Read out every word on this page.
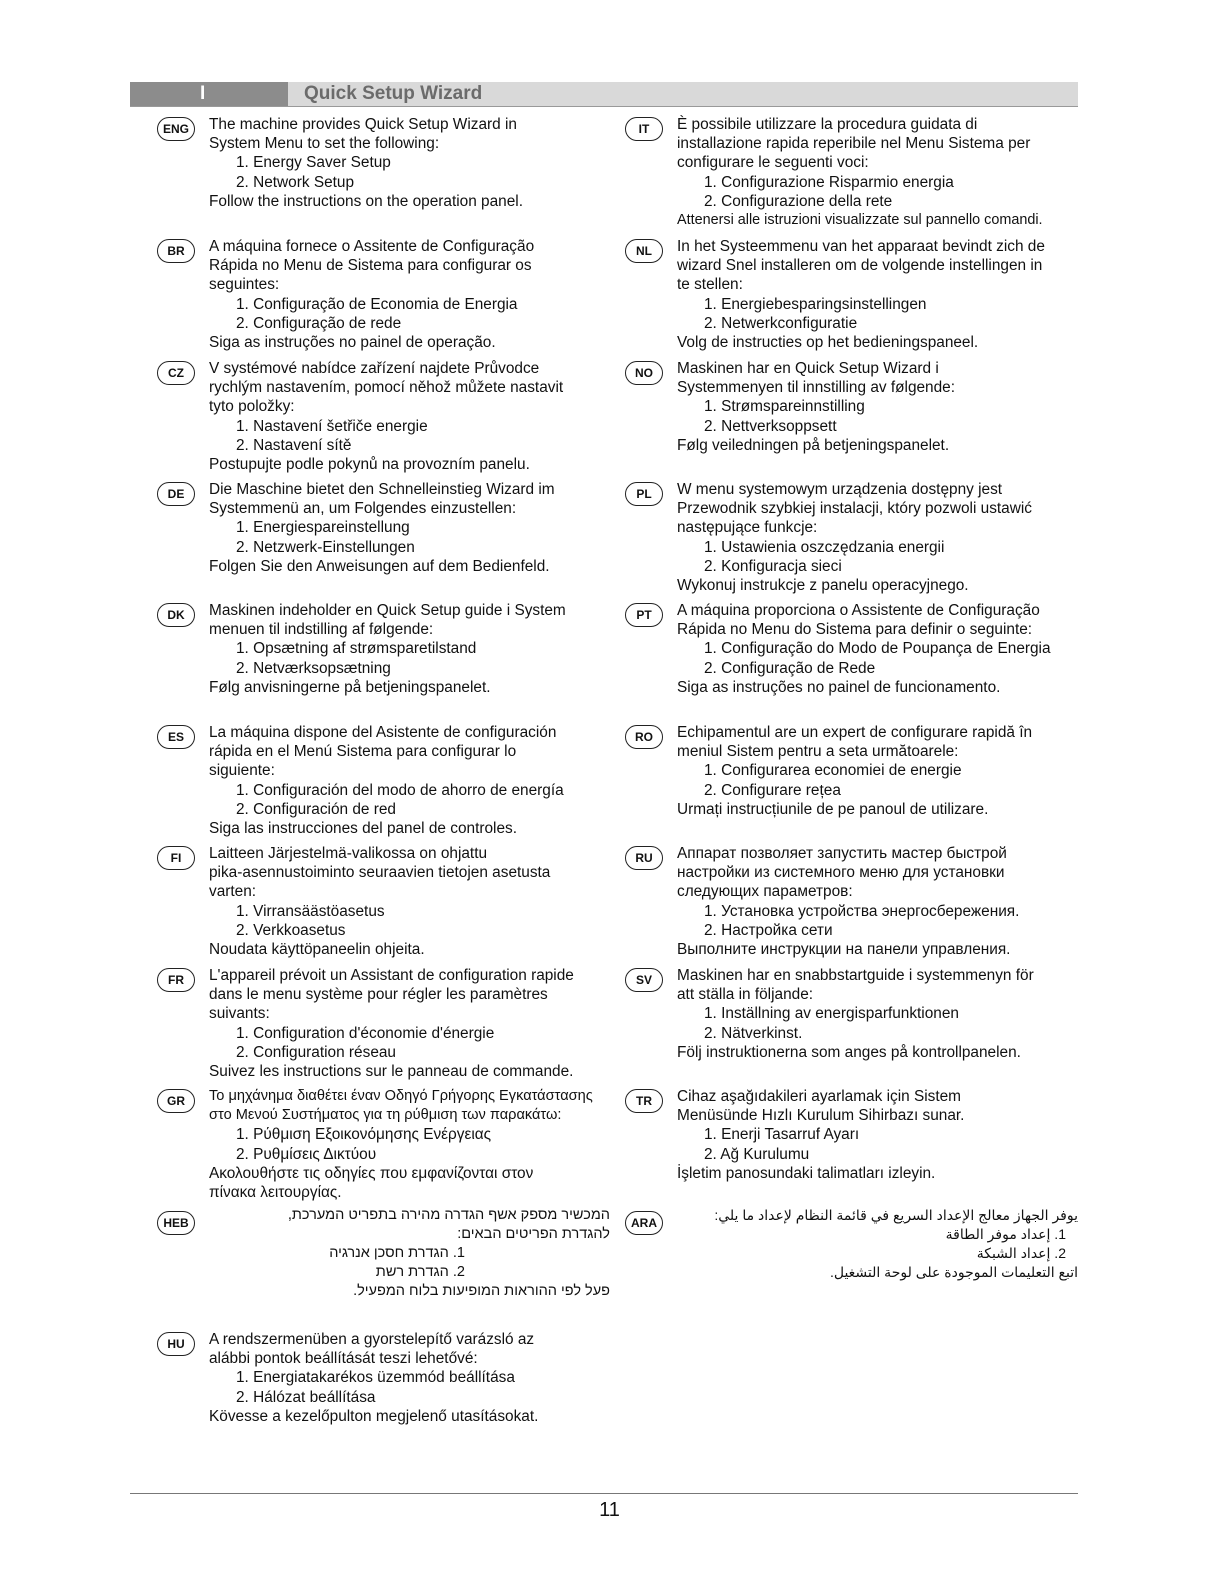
I	Quick Setup Wizard
ENG	The machine provides Quick Setup Wizard in

System Menu to set the following:

1. Energy Saver Setup

2. Network Setup

Follow the instructions on the operation panel.

BR	A máquina fornece o Assitente de Configuração

Rápida no Menu de Sistema para configurar os

seguintes:

1. Configuração de Economia de Energia

2. Configuração de rede

Siga as instruções no painel de operação.

CZ	V systémové nabídce zařízení najdete Průvodce

rychlým nastavením, pomocí něhož můžete nastavit

tyto položky:

1. Nastavení šetřiče energie

2. Nastavení sítě

Postupujte podle pokynů na provozním panelu.

DE	Die Maschine bietet den Schnelleinstieg Wizard im

Systemmenü an, um Folgendes einzustellen:

1. Energiespareinstellung

2. Netzwerk-Einstellungen

Folgen Sie den Anweisungen auf dem Bedienfeld.

DK	Maskinen indeholder en Quick Setup guide i System

menuen til indstilling af følgende:

1. Opsætning af strømsparetilstand

2. Netværksopsætning

Følg anvisningerne på betjeningspanelet.

ES	La máquina dispone del Asistente de configuración

rápida en el Menú Sistema para configurar lo

siguiente:

1. Configuración del modo de ahorro de energía

2. Configuración de red

Siga las instrucciones del panel de controles.

FI	Laitteen Järjestelmä-valikossa on ohjattu

pika-asennustoiminto seuraavien tietojen asetusta

varten:

1. Virransäästöasetus

2. Verkkoasetus

Noudata käyttöpaneelin ohjeita.

FR	L'appareil prévoit un Assistant de configuration rapide

dans le menu système pour régler les paramètres

suivants:

1. Configuration d'économie d'énergie

2. Configuration réseau

Suivez les instructions sur le panneau de commande.

GR	Το μηχάνημα διαθέτει έναν Οδηγό Γρήγορης Εγκατάστασης

στο Μενού Συστήματος για τη ρύθμιση των παρακάτω:

1. Ρύθμιση Εξοικονόμησης Ενέργειας

2. Ρυθμίσεις Δικτύου

Ακολουθήστε τις οδηγίες που εμφανίζονται στον πίνακα λειτουργίας.

HEB	המכשיר מספק אשף הגדרה מהירה בתפריט המערכת,

להגדרת הפריטים הבאים:

1. הגדרת חסכן אנרגיה

2. הגדרת רשת

פעל לפי ההוראות המופיעות בלוח המפעיל.

HU	A rendszermenüben a gyorstelepítő varázsló az

alábbi pontok beállítását teszi lehetővé:

1. Energiatakarékos üzemmód beállítása

2. Hálózat beállítása

Kövesse a kezelőpulton megjelenő utasításokat.

IT	È possibile utilizzare la procedura guidata di

installazione rapida reperibile nel Menu Sistema per

configurare le seguenti voci:

1. Configurazione Risparmio energia

2. Configurazione della rete

Attenersi alle istruzioni visualizzate sul pannello comandi.

NL	In het Systeemmenu van het apparaat bevindt zich de

wizard Snel installeren om de volgende instellingen in

te stellen:

1. Energiebesparingsinstellingen

2. Netwerkconfiguratie

Volg de instructies op het bedieningspaneel.

NO	Maskinen har en Quick Setup Wizard i

Systemmenyen til innstilling av følgende:

1. Strømspareinnstilling

2. Nettverksoppsett

Følg veiledningen på betjeningspanelet.

PL	W menu systemowym urządzenia dostępny jest

Przewodnik szybkiej instalacji, który pozwoli ustawić

następujące funkcje:

1. Ustawienia oszczędzania energii

2. Konfiguracja sieci

Wykonuj instrukcje z panelu operacyjnego.

PT	A máquina proporciona o Assistente de Configuração

Rápida no Menu do Sistema para definir o seguinte:

1. Configuração do Modo de Poupança de Energia

2. Configuração de Rede

Siga as instruções no painel de funcionamento.

RO	Echipamentul are un expert de configurare rapidă în

meniul Sistem pentru a seta următoarele:

1. Configurarea economiei de energie

2. Configurare rețea

Urmați instrucțiunile de pe panoul de utilizare.

RU	Аппарат позволяет запустить мастер быстрой

настройки из системного меню для установки

следующих параметров:

1. Установка устройства энергосбережения.

2. Настройка сети

Выполните инструкции на панели управления.

SV	Maskinen har en snabbstartguide i systemmenyn för

att ställa in följande:

1. Inställning av energisparfunktionen

2. Nätverkinst.

Följ instruktionerna som anges på kontrollpanelen.

TR	Cihaz aşağıdakileri ayarlamak için Sistem

Menüsünde Hızlı Kurulum Sihirbazı sunar.

1. Enerji Tasarruf Ayarı

2. Ağ Kurulumu

İşletim panosundaki talimatları izleyin.

ARA	يوفر الجهاز معالج الإعداد السريع في قائمة النظام لإعداد ما يلي:

1. إعداد موفر الطاقة

2. إعداد الشبكة

اتبع التعليمات الموجودة على لوحة التشغيل.

11
